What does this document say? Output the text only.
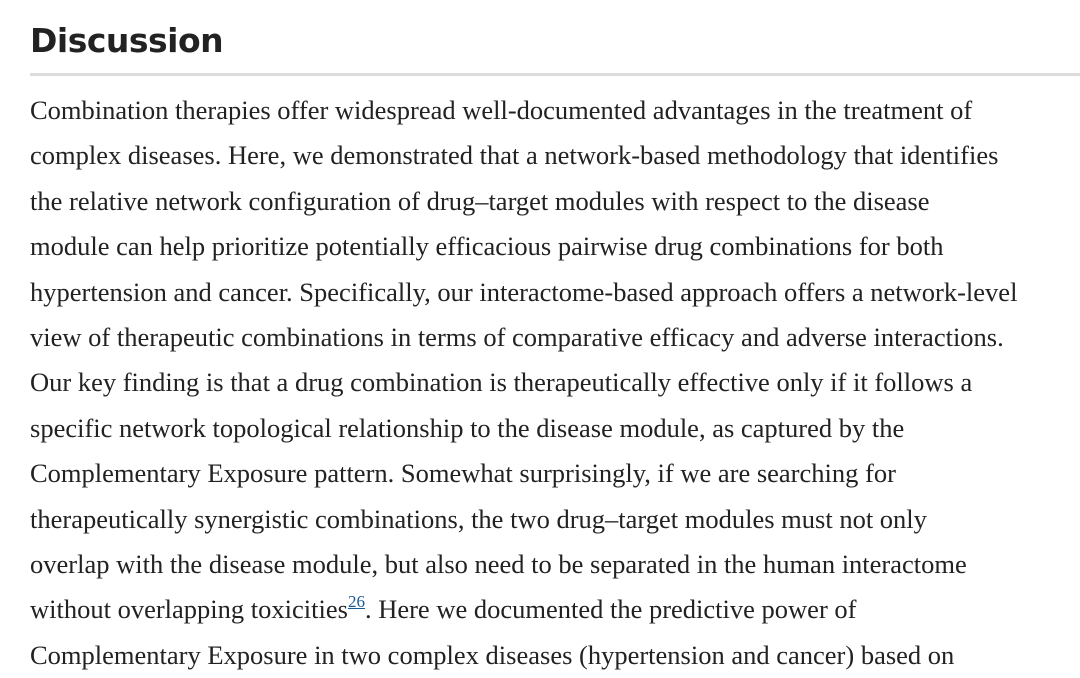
Discussion

Combination therapies offer widespread well-documented advantages in the treatment of
complex diseases. Here, we demonstrated that a network-based methodology that identifies
the relative network configuration of drug–target modules with respect to the disease
module can help prioritize potentially efficacious pairwise drug combinations for both
hypertension and cancer. Specifically, our interactome-based approach offers a network-level
view of therapeutic combinations in terms of comparative efficacy and adverse interactions.
Our key finding is that a drug combination is therapeutically effective only if it follows a
specific network topological relationship to the disease module, as captured by the
Complementary Exposure pattern. Somewhat surprisingly, if we are searching for
therapeutically synergistic combinations, the two drug–target modules must not only
overlap with the disease module, but also need to be separated in the human interactome
without overlapping toxicities$^{26}$. Here we documented the predictive power of
Complementary Exposure in two complex diseases (hypertension and cancer) based on
